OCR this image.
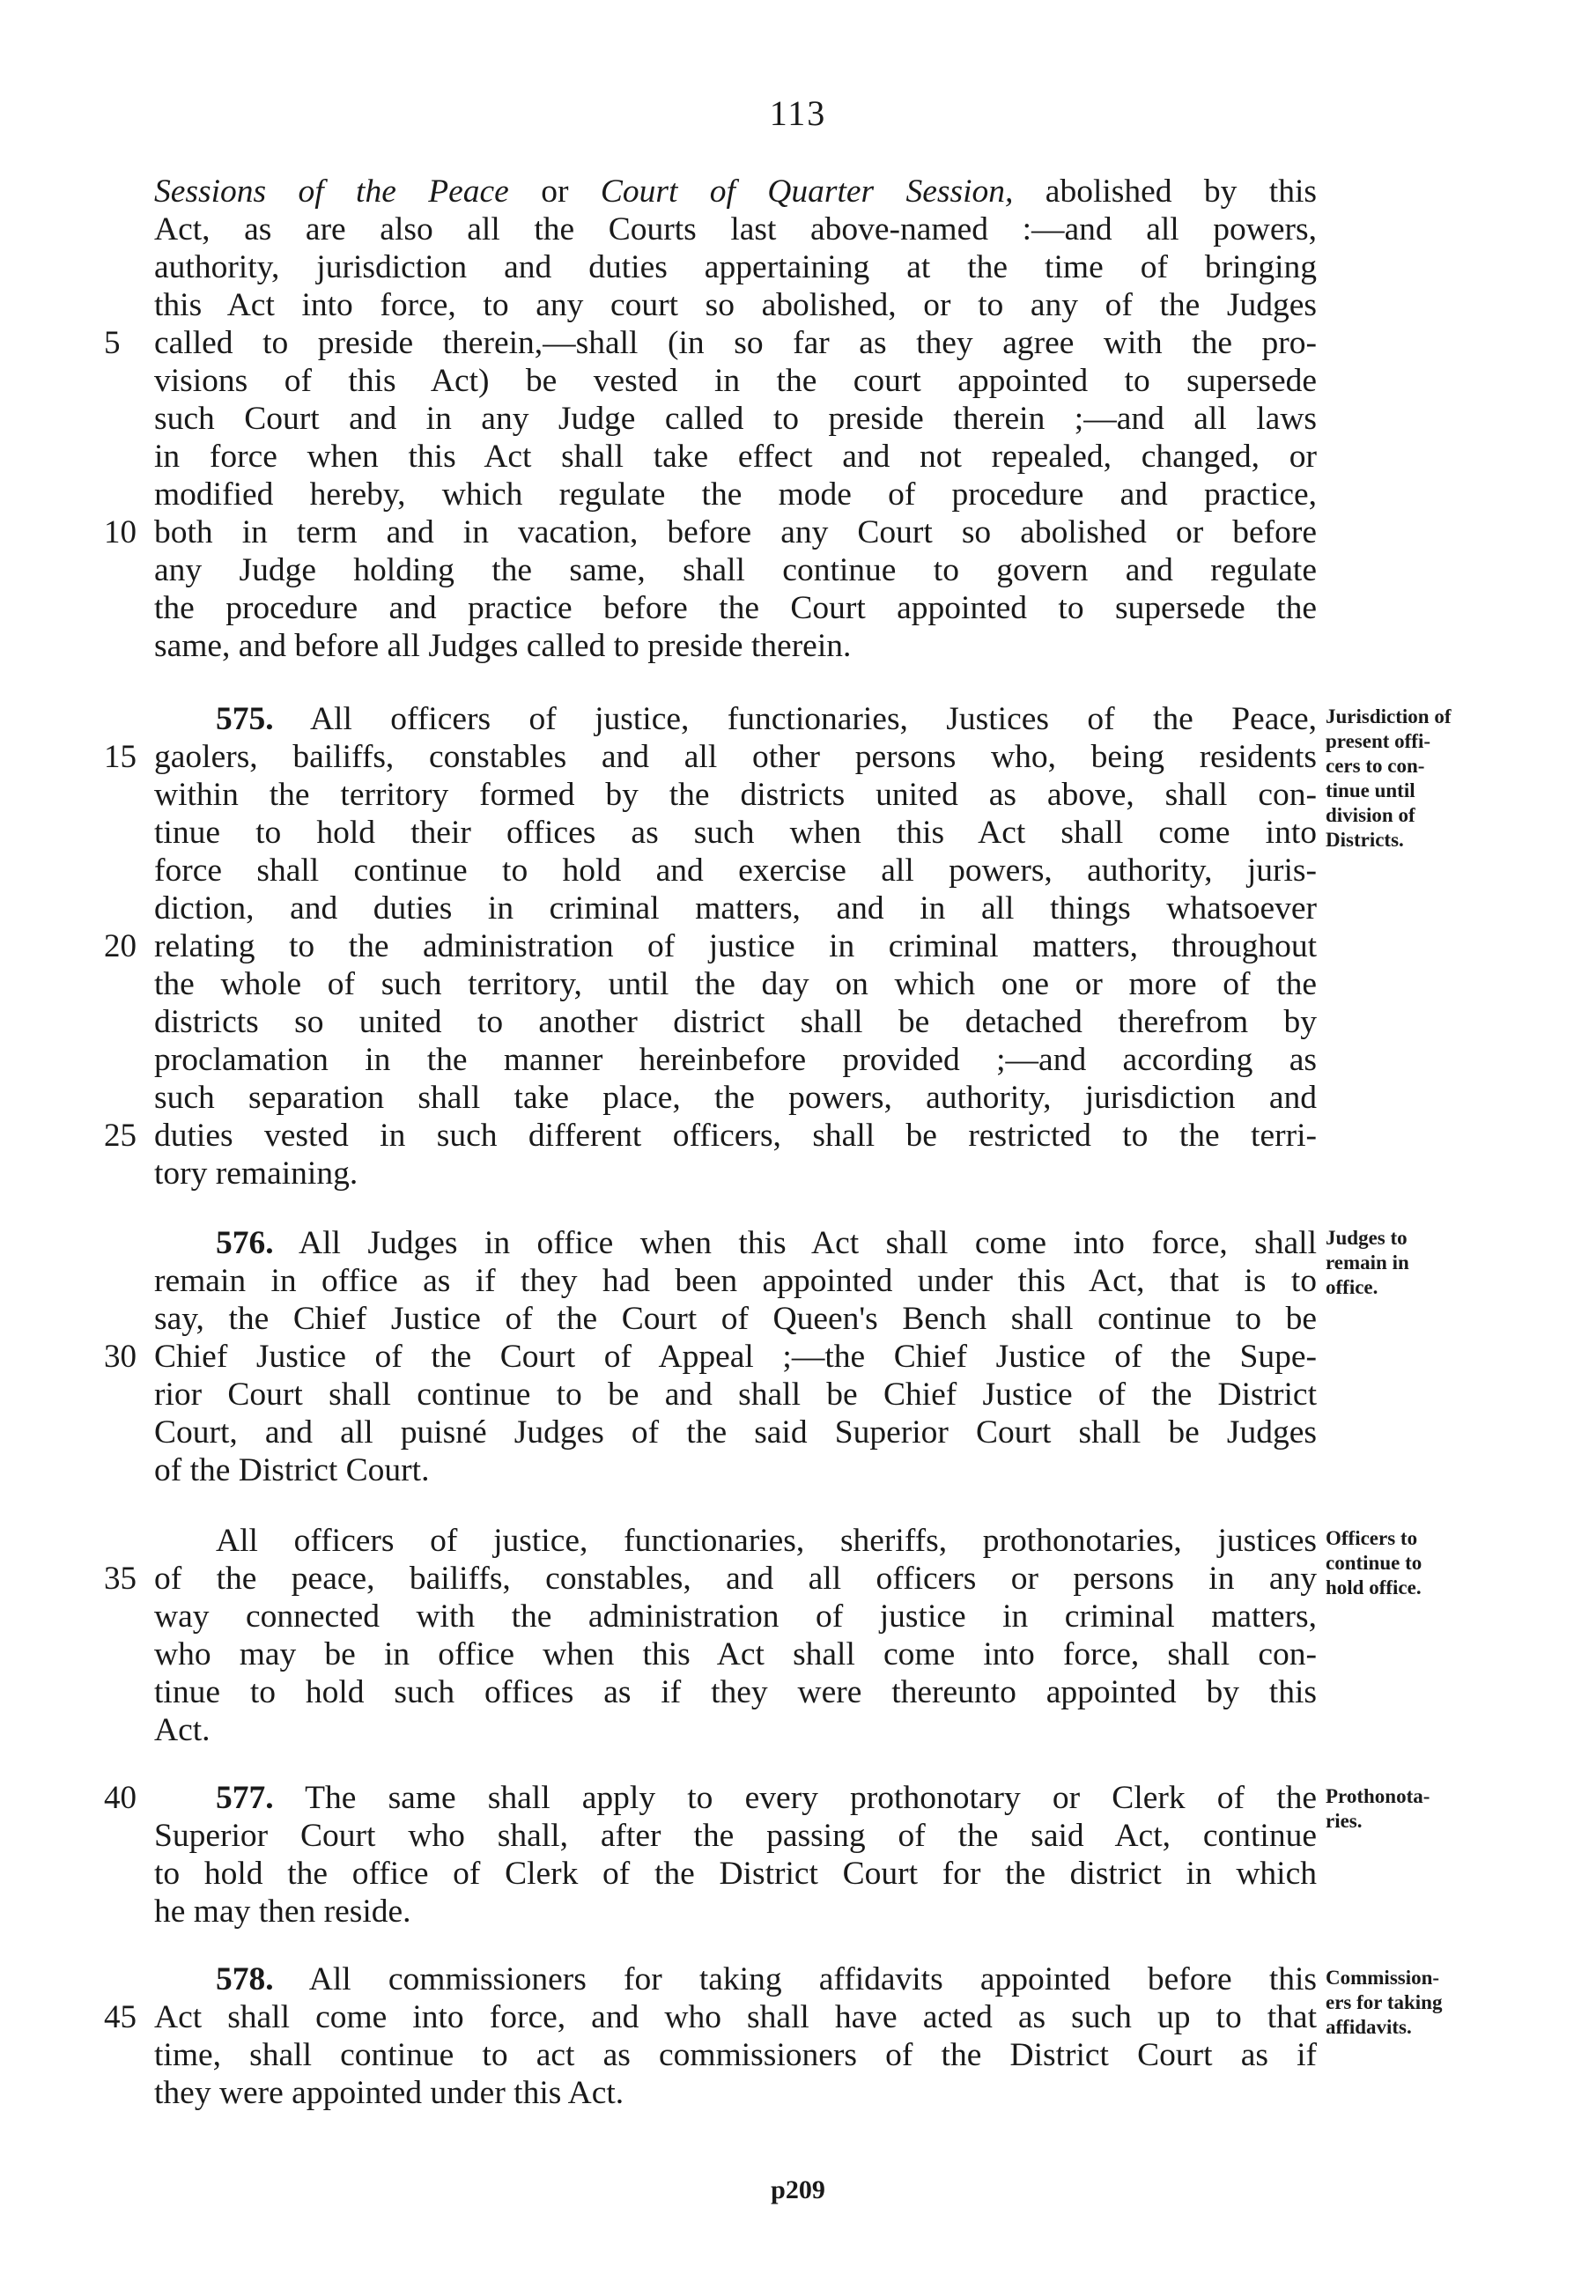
113
Sessions of the Peace or Court of Quarter Session, abolished by this
Act, as are also all the Courts last above-named :—and all powers,
authority, jurisdiction and duties appertaining at the time of bringing
this Act into force, to any court so abolished, or to any of the Judges
called to preside therein,—shall (in so far as they agree with the pro-
visions of this Act) be vested in the court appointed to supersede
such Court and in any Judge called to preside therein ;—and all laws
in force when this Act shall take effect and not repealed, changed, or
modified hereby, which regulate the mode of procedure and practice,
both in term and in vacation, before any Court so abolished or before
any Judge holding the same, shall continue to govern and regulate
the procedure and practice before the Court appointed to supersede the
same, and before all Judges called to preside therein.
5
10
575. All officers of justice, functionaries, Justices of the Peace,
gaolers, bailiffs, constables and all other persons who, being residents
within the territory formed by the districts united as above, shall con-
tinue to hold their offices as such when this Act shall come into
force shall continue to hold and exercise all powers, authority, juris-
diction, and duties in criminal matters, and in all things whatsoever
relating to the administration of justice in criminal matters, throughout
the whole of such territory, until the day on which one or more of the
districts so united to another district shall be detached therefrom by
proclamation in the manner hereinbefore provided ;—and according as
such separation shall take place, the powers, authority, jurisdiction and
duties vested in such different officers, shall be restricted to the terri-
tory remaining.
15
20
25
Jurisdiction of
present offi-
cers to con-
tinue until
division of
Districts.
576. All Judges in office when this Act shall come into force, shall
remain in office as if they had been appointed under this Act, that is to
say, the Chief Justice of the Court of Queen's Bench shall continue to be
Chief Justice of the Court of Appeal ;—the Chief Justice of the Supe-
rior Court shall continue to be and shall be Chief Justice of the District
Court, and all puisné Judges of the said Superior Court shall be Judges
of the District Court.
30
Judges to
remain in
office.
All officers of justice, functionaries, sheriffs, prothonotaries, justices
of the peace, bailiffs, constables, and all officers or persons in any
way connected with the administration of justice in criminal matters,
who may be in office when this Act shall come into force, shall con-
tinue to hold such offices as if they were thereunto appointed by this
Act.
35
Officers to
continue to
hold office.
577. The same shall apply to every prothonotary or Clerk of the
Superior Court who shall, after the passing of the said Act, continue
to hold the office of Clerk of the District Court for the district in which
he may then reside.
40	Prothonota-
ries.
578. All commissioners for taking affidavits appointed before this
Act shall come into force, and who shall have acted as such up to that
time, shall continue to act as commissioners of the District Court as if
they were appointed under this Act.
45
Commission-
ers for taking
affidavits.
p209
